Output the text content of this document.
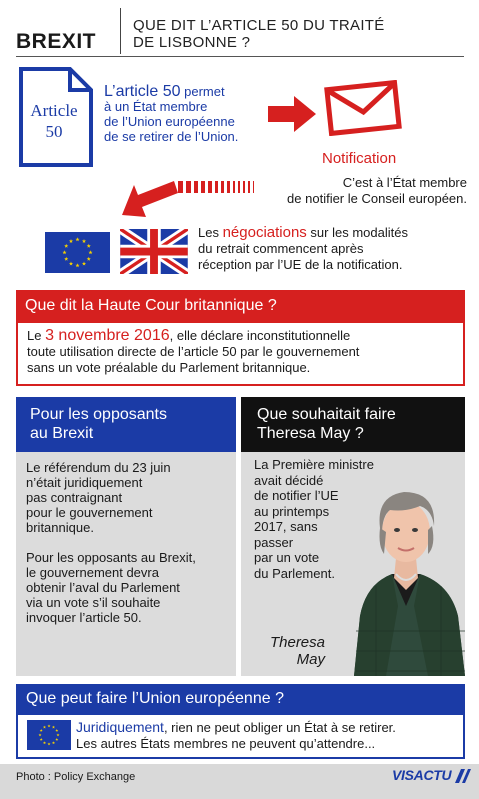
BREXIT
QUE DIT L’ARTICLE 50 DU TRAITÉ
DE LISBONNE ?
Article
50
L’article 50 permet
à un État membre
de l’Union européenne
de se retirer de l’Union.
Notification
C’est à l’État membre
de notifier le Conseil européen.
Les négociations sur les modalités
du retrait commencent après
réception par l’UE de la notification.
Que dit la Haute Cour britannique ?
Le 3 novembre 2016, elle déclare inconstitutionnelle
toute utilisation directe de l’article 50 par le gouvernement
sans un vote préalable du Parlement britannique.
Pour les opposants
au Brexit

Le référendum du 23 juin
n’était juridiquement
pas contraignant
pour le gouvernement
britannique.

Pour les opposants au Brexit,
le gouvernement devra
obtenir l’aval du Parlement
via un vote s’il souhaite
invoquer l’article 50.

Que souhaitait faire
Theresa May ?
La Première ministre
avait décidé
de notifier l’UE
au printemps
2017, sans
passer
par un vote
du Parlement.
Theresa
May
Que peut faire l’Union européenne ?
Juridiquement, rien ne peut obliger un État à se retirer.
Les autres États membres ne peuvent qu’attendre...
Photo : Policy Exchange	VISACTU
